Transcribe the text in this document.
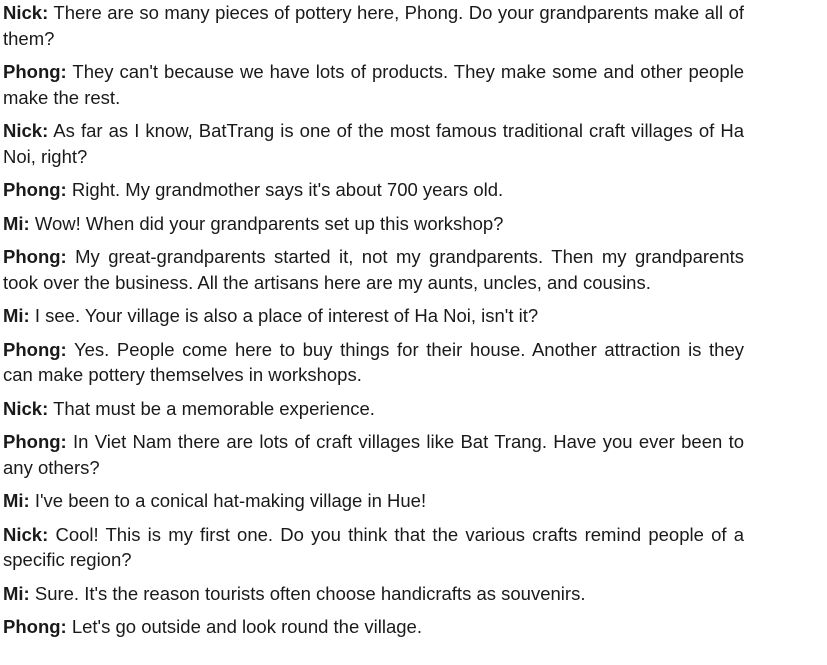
Nick: There are so many pieces of pottery here, Phong. Do your grandparents make all of them?

Phong: They can't because we have lots of products. They make some and other people make the rest.

Nick: As far as I know, BatTrang is one of the most famous traditional craft villages of Ha Noi, right?

Phong: Right. My grandmother says it's about 700 years old.

Mi: Wow! When did your grandparents set up this workshop?

Phong: My great-grandparents started it, not my grandparents. Then my grandparents took over the business. All the artisans here are my aunts, uncles, and cousins.

Mi: I see. Your village is also a place of interest of Ha Noi, isn't it?

Phong: Yes. People come here to buy things for their house. Another attraction is they can make pottery themselves in workshops.

Nick: That must be a memorable experience.

Phong: In Viet Nam there are lots of craft villages like Bat Trang. Have you ever been to any others?

Mi: I've been to a conical hat-making village in Hue!

Nick: Cool! This is my first one. Do you think that the various crafts remind people of a specific region?

Mi: Sure. It's the reason tourists often choose handicrafts as souvenirs.

Phong: Let's go outside and look round the village.
